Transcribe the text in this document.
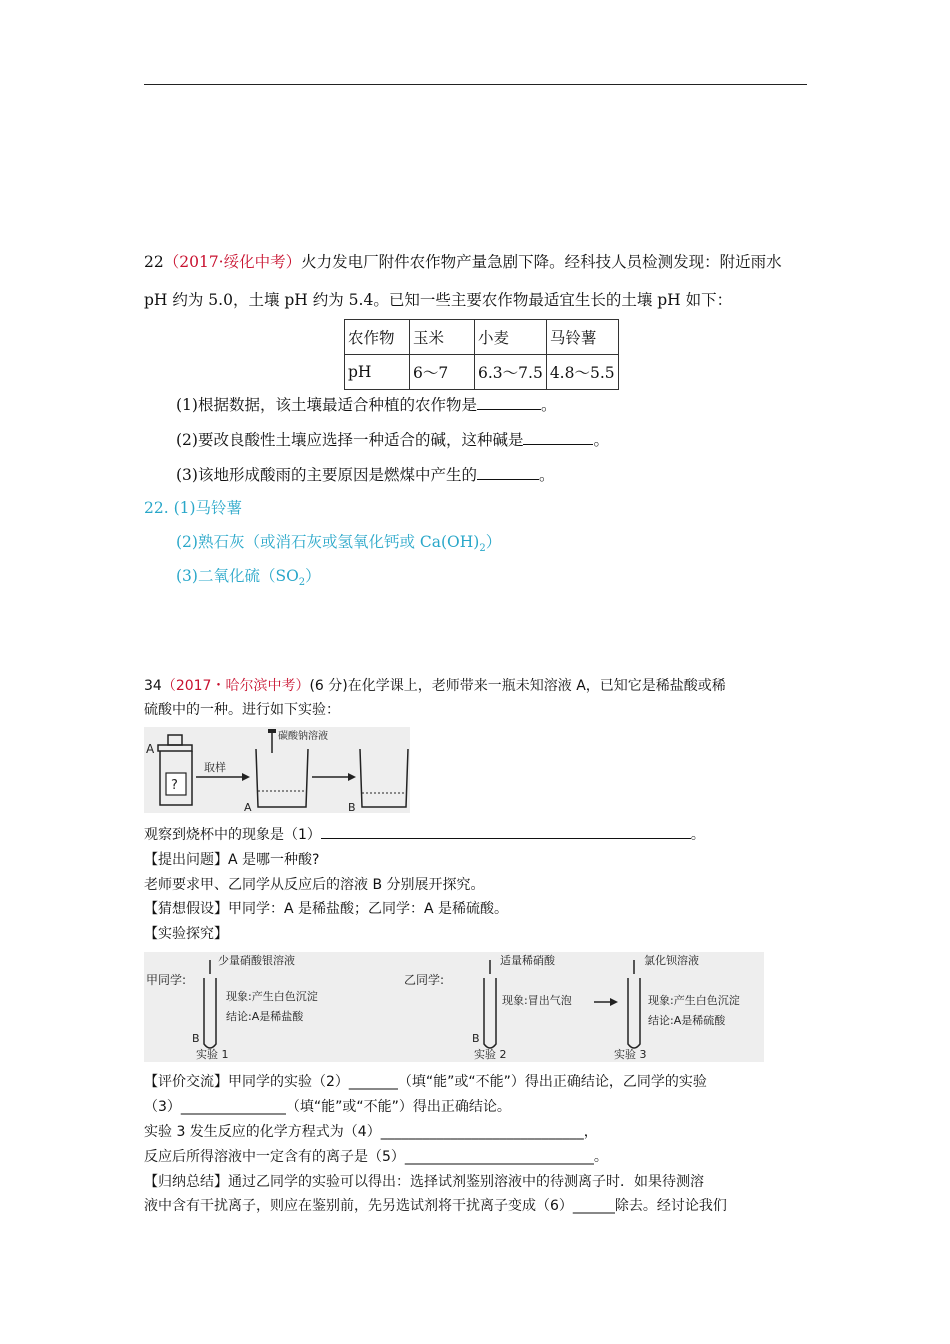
22（2017·绥化中考）火力发电厂附件农作物产量急剧下降。经科技人员检测发现：附近雨水
pH 约为 5.0，土壤 pH 约为 5.4。已知一些主要农作物最适宜生长的土壤 pH 如下：
农作物	玉米	小麦	马铃薯
pH	6～7	6.3～7.5	4.8～5.5
(1)根据数据，该土壤最适合种植的农作物是	。
(2)要改良酸性土壤应选择一种适合的碱，这种碱是	。
(3)该地形成酸雨的主要原因是燃煤中产生的	。
22. (1)马铃薯
(2)熟石灰（或消石灰或氢氧化钙或 $Ca(OH)_2$）
(3)二氧化硫$(SO_2)$
34（2017・哈尔滨中考）(6 分)在化学课上，老师带来一瓶未知溶液 A，已知它是稀盐酸或稀
硫酸中的一种。进行如下实验：
?
A
取样
碳酸钠溶液
A	B
观察到烧杯中的现象是（1）	。
【提出问题】A 是哪一种酸?
老师要求甲、乙同学从反应后的溶液 B 分别展开探究。
【猜想假设】甲同学：A 是稀盐酸；乙同学：A 是稀硫酸。
【实验探究】
甲同学:
少量硝酸银溶液
现象:产生白色沉淀
结论:A是稀盐酸
B
实验 1
乙同学:
适量稀硝酸
现象:冒出气泡
B
实验 2
氯化钡溶液
现象:产生白色沉淀
结论:A是稀硫酸
实验 3
【评价交流】甲同学的实验（2）_______（填“能”或“不能”）得出正确结论，乙同学的实验
（3）_______________（填“能”或“不能”）得出正确结论。
实验 3 发生反应的化学方程式为（4）_____________________________，
反应后所得溶液中一定含有的离子是（5）___________________________。
【归纳总结】通过乙同学的实验可以得出：选择试剂鉴别溶液中的待测离子时．如果待测溶
液中含有干扰离子，则应在鉴别前，先另选试剂将干扰离子变成（6）______除去。经讨论我们
